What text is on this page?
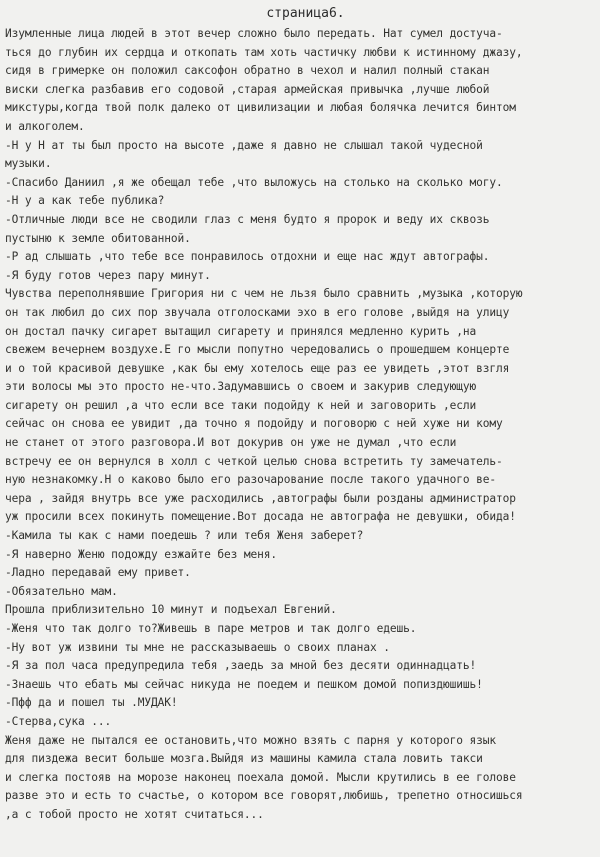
страница6.
Изумленные лица людей в этот вечер сложно было передать. Нат сумел достуча-
ться до глубин их сердца и откопать там хоть частичку любви к истинному джазу,
сидя в гримерке он положил саксофон обратно в чехол и налил полный стакан
виски слегка разбавив его содовой ,старая армейская привычка ,лучше любой
микстуры,когда твой полк далеко от цивилизации и любая болячка лечится бинтом
и алкоголем.
-Н у Н ат ты был просто на высоте ,даже я давно не слышал такой чудесной
музыки.
-Спасибо Даниил ,я же обещал тебе ,что выложусь на столько на сколько могу.
-Н у а как тебе публика?
-Отличные люди все не сводили глаз с меня будто я пророк и веду их сквозь
пустыню к земле обитованной.
-Р ад слышать ,что тебе все понравилось отдохни и еще нас ждут автографы.
-Я буду готов через пару минут.
Чувства переполнявшие Григория ни с чем не льзя было сравнить ,музыка ,которую
он так любил до сих пор звучала отголосками эхо в его голове ,выйдя на улицу
он достал пачку сигарет вытащил сигарету и принялся медленно курить ,на
свежем вечернем воздухе.Е го мысли попутно чередовались о прошедшем концерте
и о той красивой девушке ,как бы ему хотелось еще раз ее увидеть ,этот взгля
эти волосы мы это просто не-что.Задумавшись о своем и закурив следующую
сигарету он решил ,а что если все таки подойду к ней и заговорить ,если
сейчас он снова ее увидит ,да точно я подойду и поговорю с ней хуже ни кому
не станет от этого разговора.И вот докурив он уже не думал ,что если
встречу ее он вернулся в холл с четкой целью снова встретить ту замечатель-
ную незнакомку.Н о каково было его разочарование после такого удачного ве-
чера , зайдя внутрь все уже расходились ,автографы были розданы администратор
уж просили всех покинуть помещение.Вот досада не автографа не девушки, обида!
-Камила ты как с нами поедешь ? или тебя Женя заберет?
-Я наверно Женю подожду езжайте без меня.
-Ладно передавай ему привет.
-Обязательно мам.
Прошла приблизительно 10 минут и подъехал Евгений.
-Женя что так долго то?Живешь в паре метров и так долго едешь.
-Ну вот уж извини ты мне не рассказываешь о своих планах .
-Я за пол часа предупредила тебя ,заедь за мной без десяти одиннадцать!
-Знаешь что ебать мы сейчас никуда не поедем и пешком домой попиздюшишь!
-Пфф да и пошел ты .МУДАК!
-Стерва,сука ...
Женя даже не пытался ее остановить,что можно взять с парня у которого язык
для пиздежа весит больше мозга.Выйдя из машины камила стала ловить такси
и слегка постояв на морозе наконец поехала домой. Мысли крутились в ее голове
разве это и есть то счастье, о котором все говорят,любишь, трепетно относишься
,а с тобой просто не хотят считаться...
